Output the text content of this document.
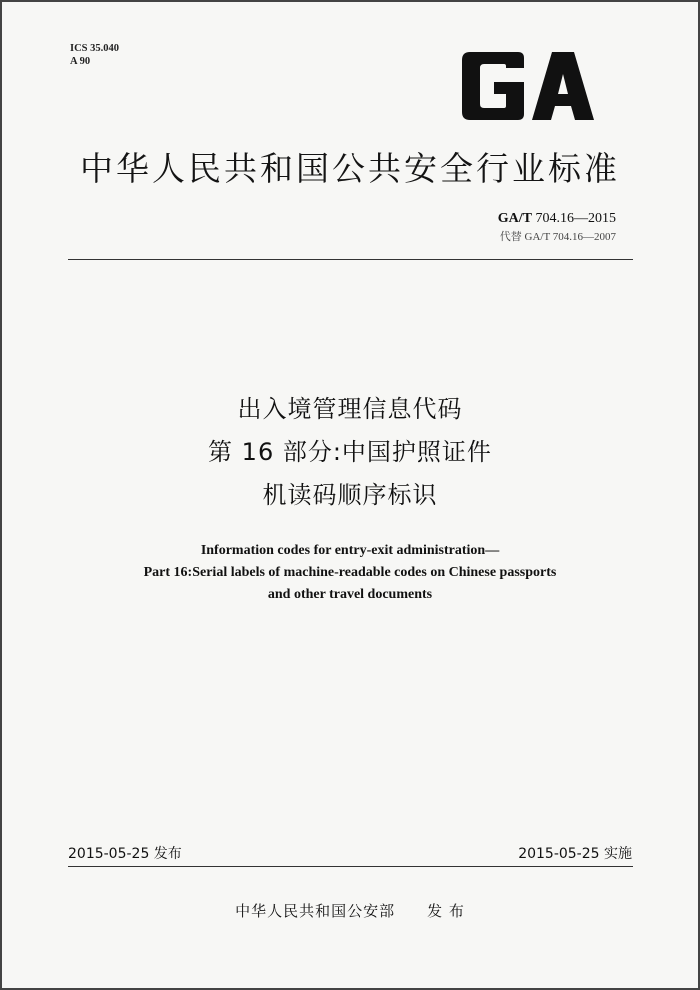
ICS 35.040
A 90
中华人民共和国公共安全行业标准
GA/T 704.16—2015
代替 GA/T 704.16—2007
出入境管理信息代码
第 16 部分:中国护照证件
机读码顺序标识
Information codes for entry-exit administration—
Part 16:Serial labels of machine-readable codes on Chinese passports
and other travel documents
2015-05-25 发布	2015-05-25 实施
中华人民共和国公安部 发 布
